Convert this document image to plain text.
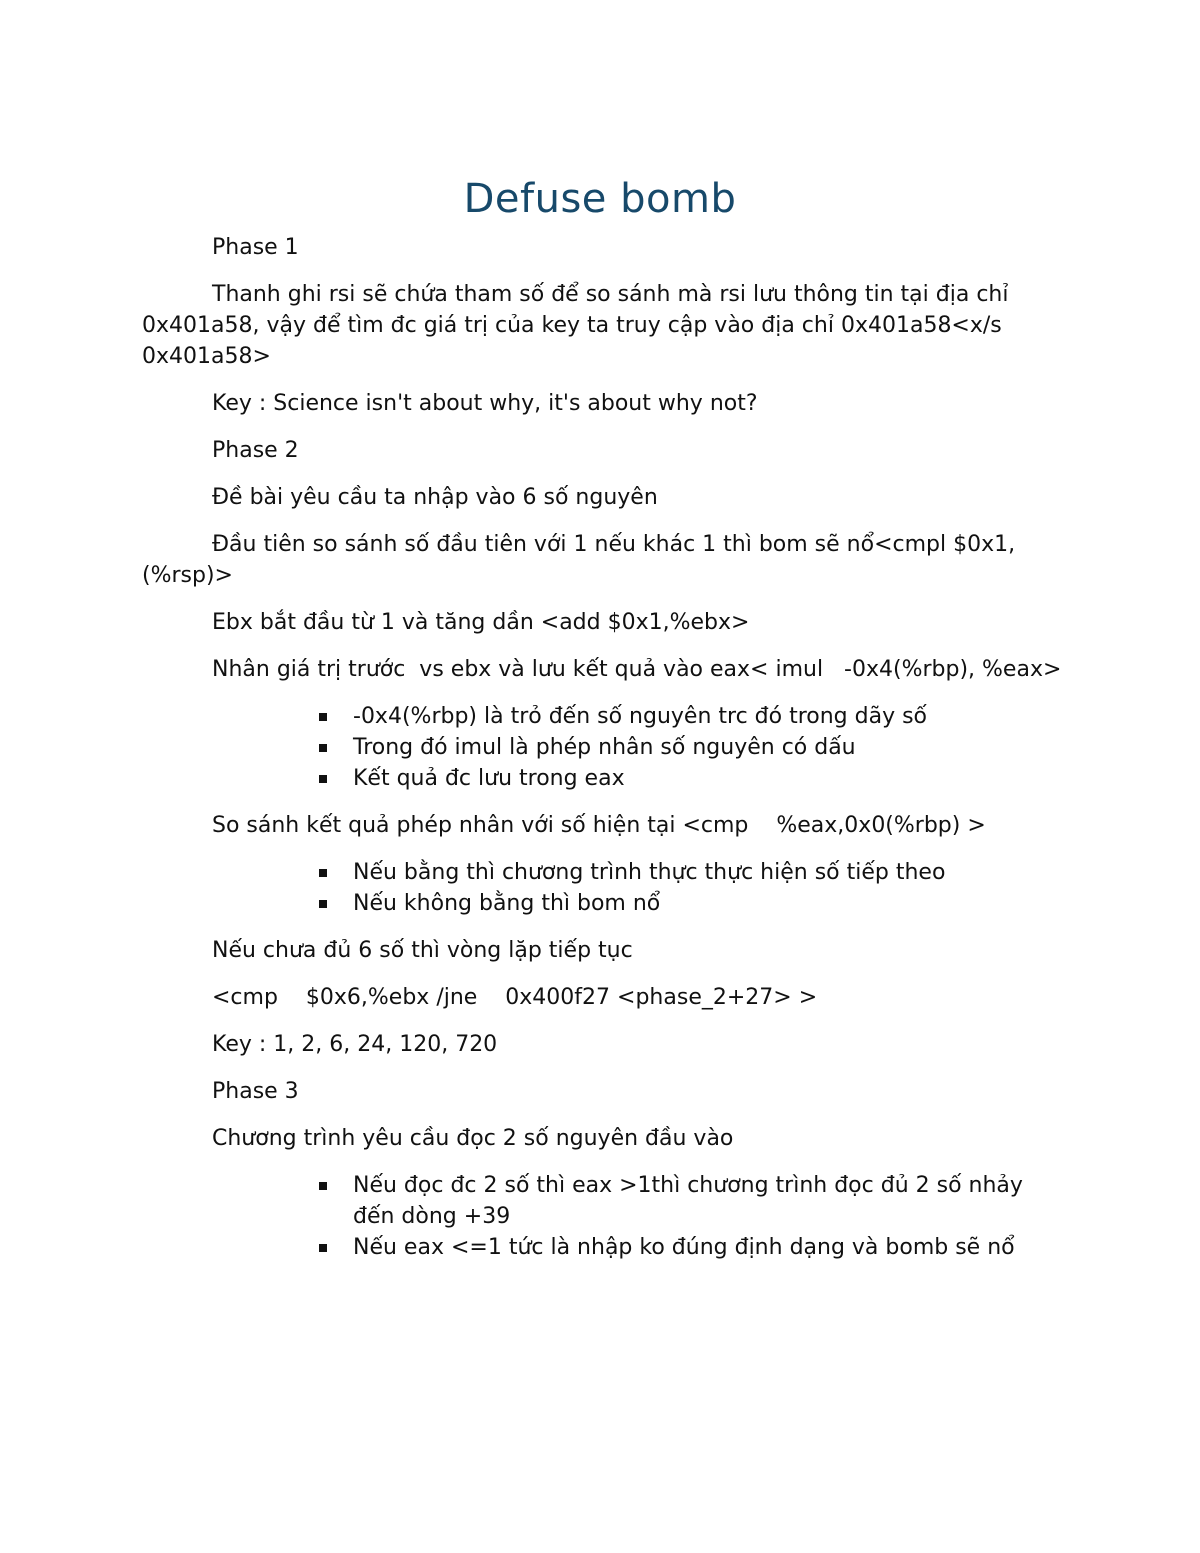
Defuse bomb

Phase 1

Thanh ghi rsi sẽ chứa tham số để so sánh mà rsi lưu thông tin tại địa chỉ 0x401a58, vậy để tìm đc giá trị của key ta truy cập vào địa chỉ 0x401a58<x/s 0x401a58>

Key : Science isn't about why, it's about why not?

Phase 2

Đề bài yêu cầu ta nhập vào 6 số nguyên

Đầu tiên so sánh số đầu tiên với 1 nếu khác 1 thì bom sẽ nổ<cmpl $0x1,(%rsp)>

Ebx bắt đầu từ 1 và tăng dần <add $0x1,%ebx>

Nhân giá trị trước  vs ebx và lưu kết quả vào eax< imul   -0x4(%rbp), %eax>

-0x4(%rbp) là trỏ đến số nguyên trc đó trong dãy số
Trong đó imul là phép nhân số nguyên có dấu
Kết quả đc lưu trong eax

So sánh kết quả phép nhân với số hiện tại <cmp    %eax,0x0(%rbp) >

Nếu bằng thì chương trình thực thực hiện số tiếp theo
Nếu không bằng thì bom nổ

Nếu chưa đủ 6 số thì vòng lặp tiếp tục

<cmp    $0x6,%ebx /jne    0x400f27 <phase_2+27> >

Key : 1, 2, 6, 24, 120, 720

Phase 3

Chương trình yêu cầu đọc 2 số nguyên đầu vào

Nếu đọc đc 2 số thì eax >1thì chương trình đọc đủ 2 số nhảy đến dòng +39
Nếu eax <=1 tức là nhập ko đúng định dạng và bomb sẽ nổ
